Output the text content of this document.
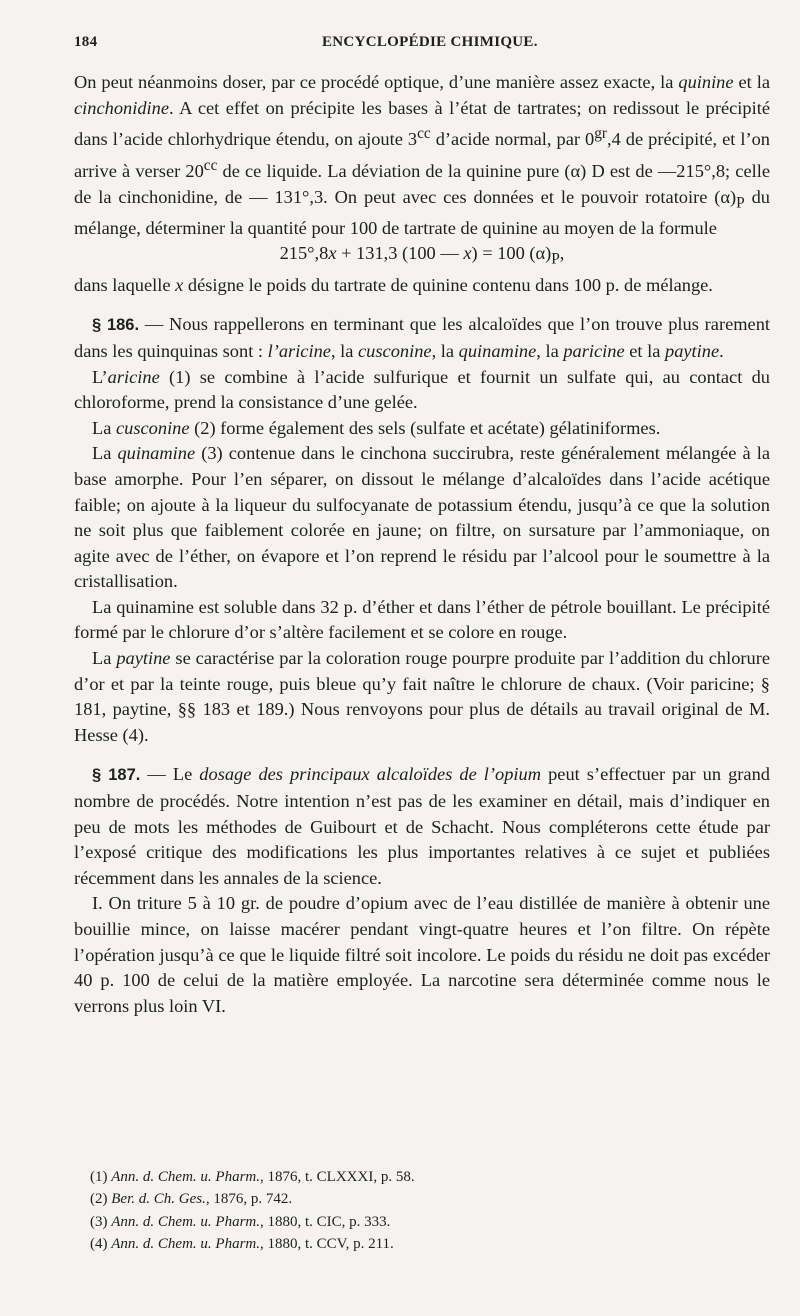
184	ENCYCLOPÉDIE CHIMIQUE.

On peut néanmoins doser, par ce procédé optique, d’une manière assez exacte, la quinine et la cinchonidine. A cet effet on précipite les bases à l’état de tartrates; on redissout le précipité dans l’acide chlorhydrique étendu, on ajoute $3^{cc}$ d’acide normal, par $0^{gr},4$ de précipité, et l’on arrive à verser $20^{cc}$ de ce liquide. La déviation de la quinine pure (α) D est de —215°,8; celle de la cinchonidine, de — 131°,3. On peut avec ces données et le pouvoir rotatoire $(\alpha)_P$ du mélange, déterminer la quantité pour 100 de tartrate de quinine au moyen de la formule

215°,8x + 131,3 (100 — x) = 100 $(\alpha)_P$,

dans laquelle x désigne le poids du tartrate de quinine contenu dans 100 p. de mélange.

§ 186. — Nous rappellerons en terminant que les alcaloïdes que l’on trouve plus rarement dans les quinquinas sont : l’aricine, la cusconine, la quinamine, la paricine et la paytine.

L’aricine (1) se combine à l’acide sulfurique et fournit un sulfate qui, au contact du chloroforme, prend la consistance d’une gelée.

La cusconine (2) forme également des sels (sulfate et acétate) gélatiniformes.

La quinamine (3) contenue dans le cinchona succirubra, reste généralement mélangée à la base amorphe. Pour l’en séparer, on dissout le mélange d’alcaloïdes dans l’acide acétique faible; on ajoute à la liqueur du sulfocyanate de potassium étendu, jusqu’à ce que la solution ne soit plus que faiblement colorée en jaune; on filtre, on sursature par l’ammoniaque, on agite avec de l’éther, on évapore et l’on reprend le résidu par l’alcool pour le soumettre à la cristallisation.

La quinamine est soluble dans 32 p. d’éther et dans l’éther de pétrole bouillant. Le précipité formé par le chlorure d’or s’altère facilement et se colore en rouge.

La paytine se caractérise par la coloration rouge pourpre produite par l’addition du chlorure d’or et par la teinte rouge, puis bleue qu’y fait naître le chlorure de chaux. (Voir paricine; § 181, paytine, §§ 183 et 189.) Nous renvoyons pour plus de détails au travail original de M. Hesse (4).

§ 187. — Le dosage des principaux alcaloïdes de l’opium peut s’effectuer par un grand nombre de procédés. Notre intention n’est pas de les examiner en détail, mais d’indiquer en peu de mots les méthodes de Guibourt et de Schacht. Nous compléterons cette étude par l’exposé critique des modifications les plus importantes relatives à ce sujet et publiées récemment dans les annales de la science.

I. On triture 5 à 10 gr. de poudre d’opium avec de l’eau distillée de manière à obtenir une bouillie mince, on laisse macérer pendant vingt-quatre heures et l’on filtre. On répète l’opération jusqu’à ce que le liquide filtré soit incolore. Le poids du résidu ne doit pas excéder 40 p. 100 de celui de la matière employée. La narcotine sera déterminée comme nous le verrons plus loin VI.

(1) Ann. d. Chem. u. Pharm., 1876, t. CLXXXI, p. 58.
(2) Ber. d. Ch. Ges., 1876, p. 742.
(3) Ann. d. Chem. u. Pharm., 1880, t. CIC, p. 333.
(4) Ann. d. Chem. u. Pharm., 1880, t. CCV, p. 211.
